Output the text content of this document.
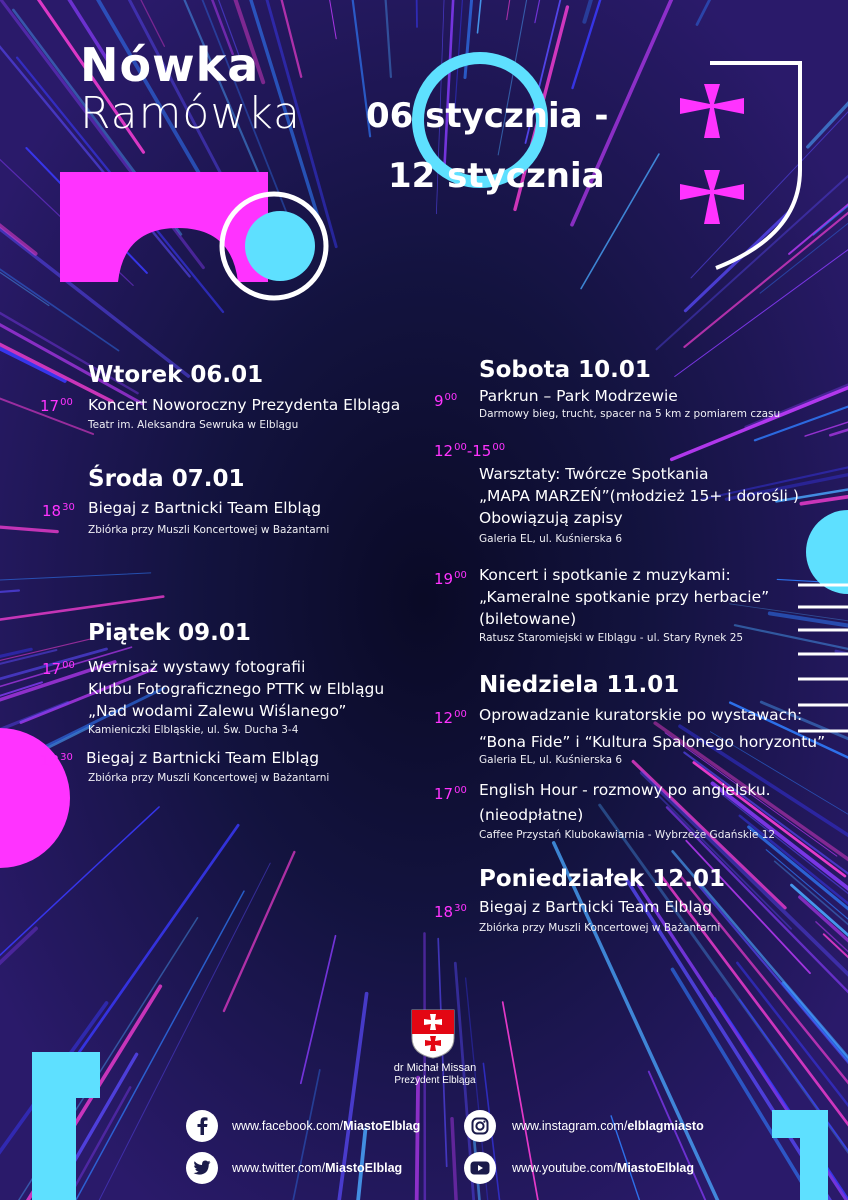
Nówka
Ramówka 06 stycznia -
12 stycznia
Wtorek 06.01
$17^{00}$ Koncert Noworoczny Prezydenta Elbląga
Teatr im. Aleksandra Sewruka w Elblągu
Środa 07.01
$18^{30}$ Biegaj z Bartnicki Team Elbląg
Zbiórka przy Muszli Koncertowej w Bażantarni
Piątek 09.01
$17^{00}$ Wernisaż wystawy fotografii
Klubu Fotograficznego PTTK w Elblągu
„Nad wodami Zalewu Wiślanego”
Kamieniczki Elbląskie, ul. Św. Ducha 3-4
$18^{30}$ Biegaj z Bartnicki Team Elbląg
Zbiórka przy Muszli Koncertowej w Bażantarni
Sobota 10.01
$9^{00}$ Parkrun – Park Modrzewie
Darmowy bieg, trucht, spacer na 5 km z pomiarem czasu
$12^{00}-15^{00}$
Warsztaty: Twórcze Spotkania
„MAPA MARZEŃ”(młodzież 15+ i dorośli )
Obowiązują zapisy
Galeria EL, ul. Kuśnierska 6
$19^{00}$ Koncert i spotkanie z muzykami:
„Kameralne spotkanie przy herbacie”
(biletowane)
Ratusz Staromiejski w Elblągu - ul. Stary Rynek 25
Niedziela 11.01
$12^{00}$ Oprowadzanie kuratorskie po wystawach:
“Bona Fide” i “Kultura Spalonego horyzontu”
Galeria EL, ul. Kuśnierska 6
$17^{00}$ English Hour - rozmowy po angielsku.
(nieodpłatne)
Caffee Przystań Klubokawiarnia - Wybrzeże Gdańskie 12
Poniedziałek 12.01
$18^{30}$ Biegaj z Bartnicki Team Elbląg
Zbiórka przy Muszli Koncertowej w Bażantarni
dr Michał Missan
Prezydent Elbląga
www.facebook.com/MiastoElblag
www.twitter.com/MiastoElblag
www.instagram.com/elblagmiasto
www.youtube.com/MiastoElblag
